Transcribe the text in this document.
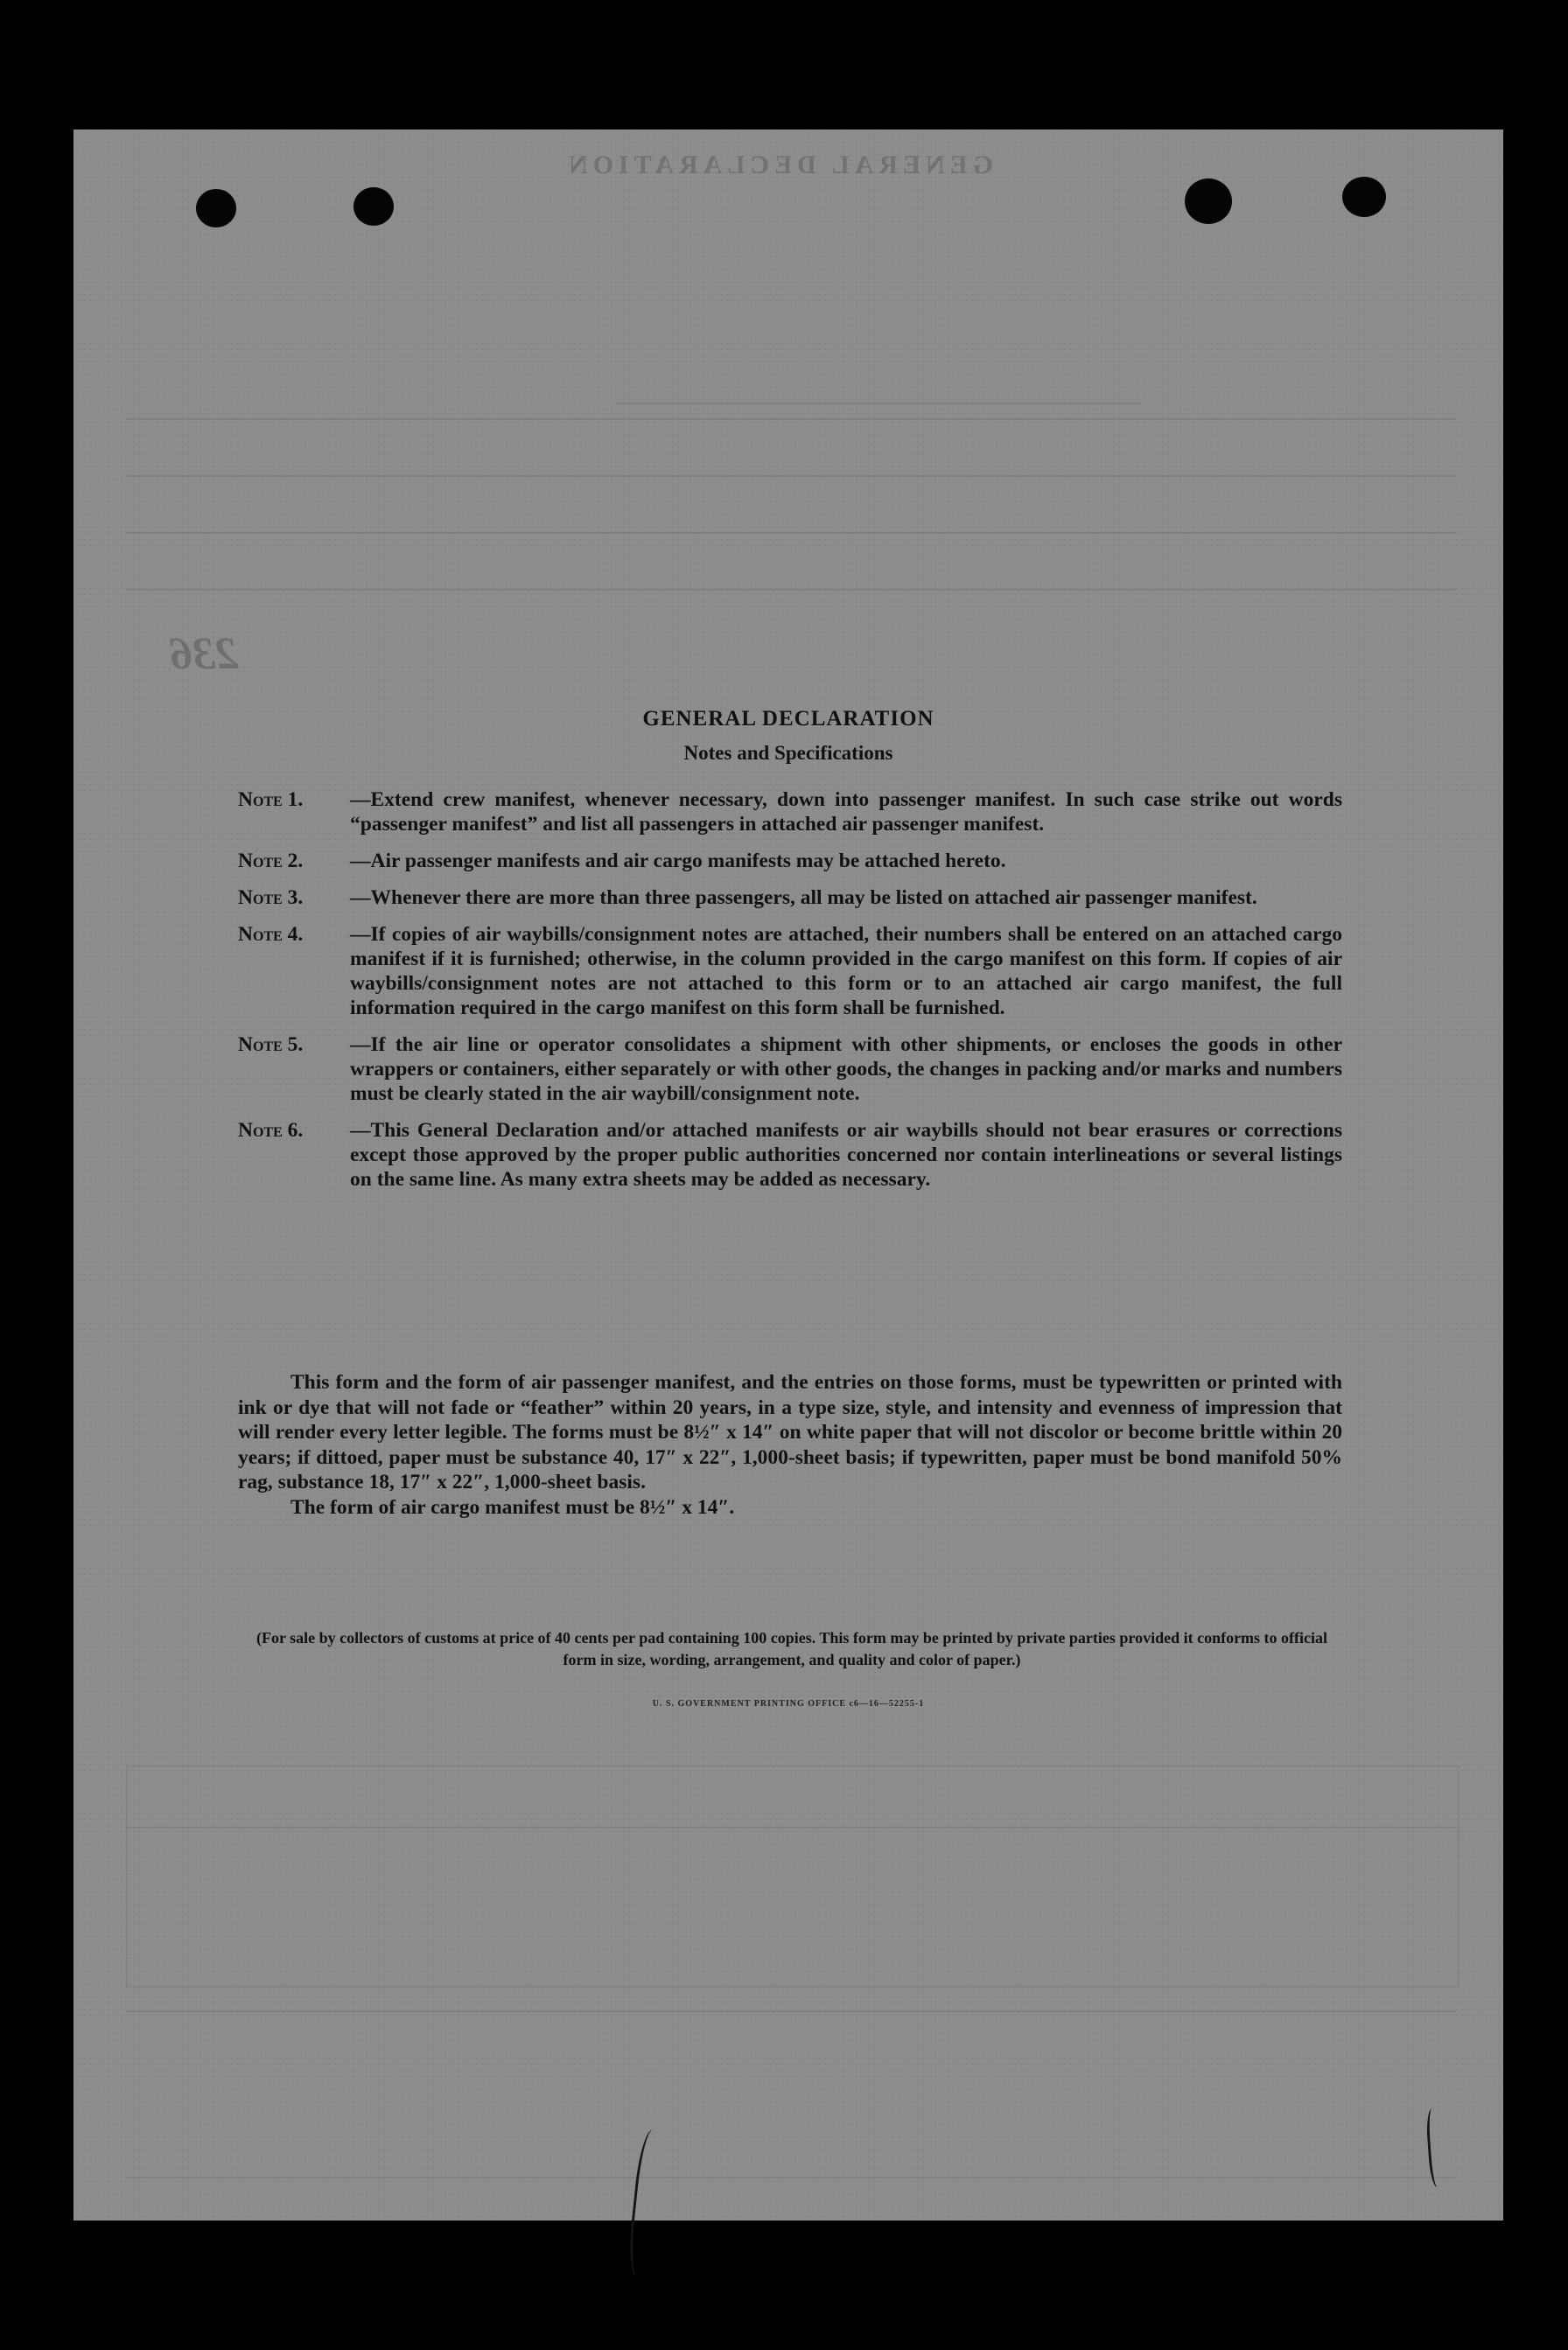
GENERAL DECLARATION
236
GENERAL DECLARATION
Notes and Specifications
Note 1.	—Extend crew manifest, whenever necessary, down into passenger manifest. In such case strike out words “passenger manifest” and list all passengers in attached air passenger manifest.
Note 2.	—Air passenger manifests and air cargo manifests may be attached hereto.
Note 3.	—Whenever there are more than three passengers, all may be listed on attached air passenger manifest.
Note 4.	—If copies of air waybills/consignment notes are attached, their numbers shall be entered on an attached cargo manifest if it is furnished; otherwise, in the column provided in the cargo manifest on this form. If copies of air waybills/consignment notes are not attached to this form or to an attached air cargo manifest, the full information required in the cargo manifest on this form shall be furnished.
Note 5.	—If the air line or operator consolidates a shipment with other shipments, or encloses the goods in other wrappers or containers, either separately or with other goods, the changes in packing and/or marks and numbers must be clearly stated in the air waybill/consignment note.
Note 6.	—This General Declaration and/or attached manifests or air waybills should not bear erasures or corrections except those approved by the proper public authorities concerned nor contain interlineations or several listings on the same line. As many extra sheets may be added as necessary.

This form and the form of air passenger manifest, and the entries on those forms, must be typewritten or printed with ink or dye that will not fade or “feather” within 20 years, in a type size, style, and intensity and evenness of impression that will render every letter legible. The forms must be 8½″ x 14″ on white paper that will not discolor or become brittle within 20 years; if dittoed, paper must be substance 40, 17″ x 22″, 1,000-sheet basis; if typewritten, paper must be bond manifold 50% rag, substance 18, 17″ x 22″, 1,000-sheet basis.

The form of air cargo manifest must be 8½″ x 14″.

(For sale by collectors of customs at price of 40 cents per pad containing 100 copies. This form may be printed by private parties provided it conforms to official form in size, wording, arrangement, and quality and color of paper.)
U. S. GOVERNMENT PRINTING OFFICE c6—16—52255-1
